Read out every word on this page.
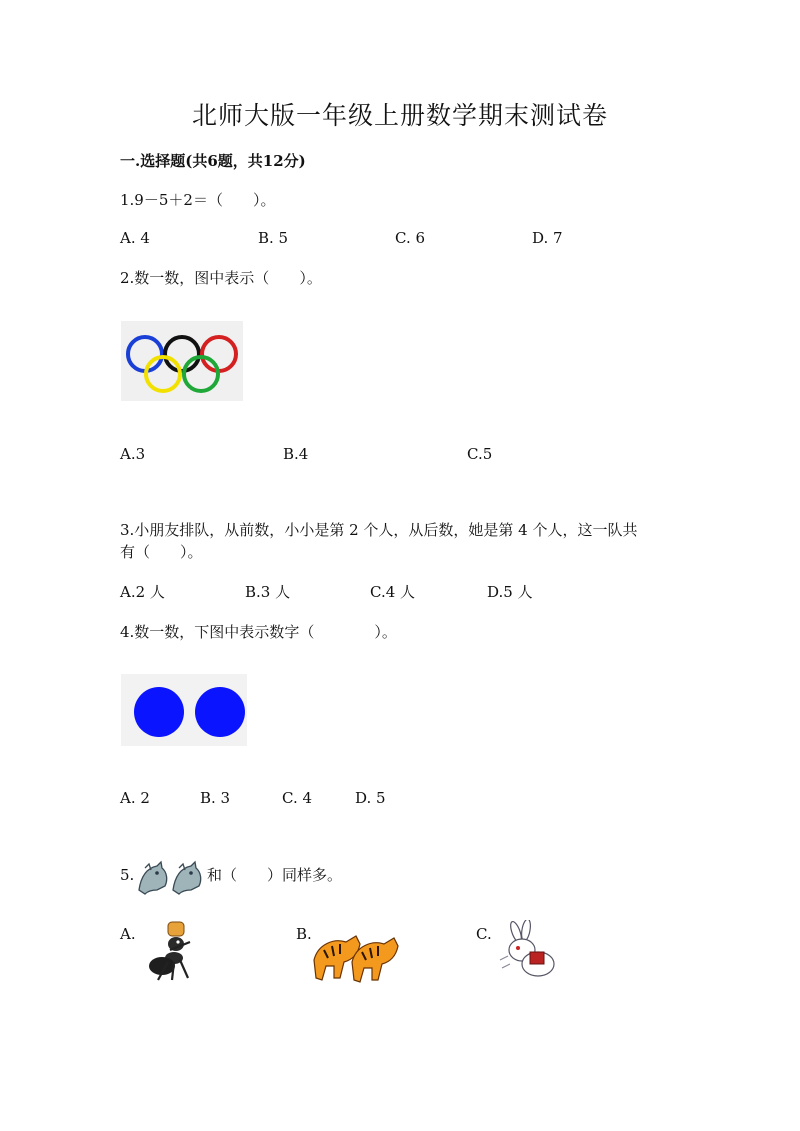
北师大版一年级上册数学期末测试卷
一.选择题(共6题，共12分)
1.9－5＋2＝（　　）。
A. 4	B. 5	C. 6	D. 7
2.数一数，图中表示（　　）。
A.3	B.4	C.5
3.小朋友排队，从前数，小小是第 2 个人，从后数，她是第 4 个人，这一队共
有（　　）。
A.2 人	B.3 人	C.4 人	D.5 人
4.数一数，下图中表示数字（　　　　）。
A. 2	B. 3	C. 4	D. 5
5.	和（　　）同样多。
A.	B.	C.
